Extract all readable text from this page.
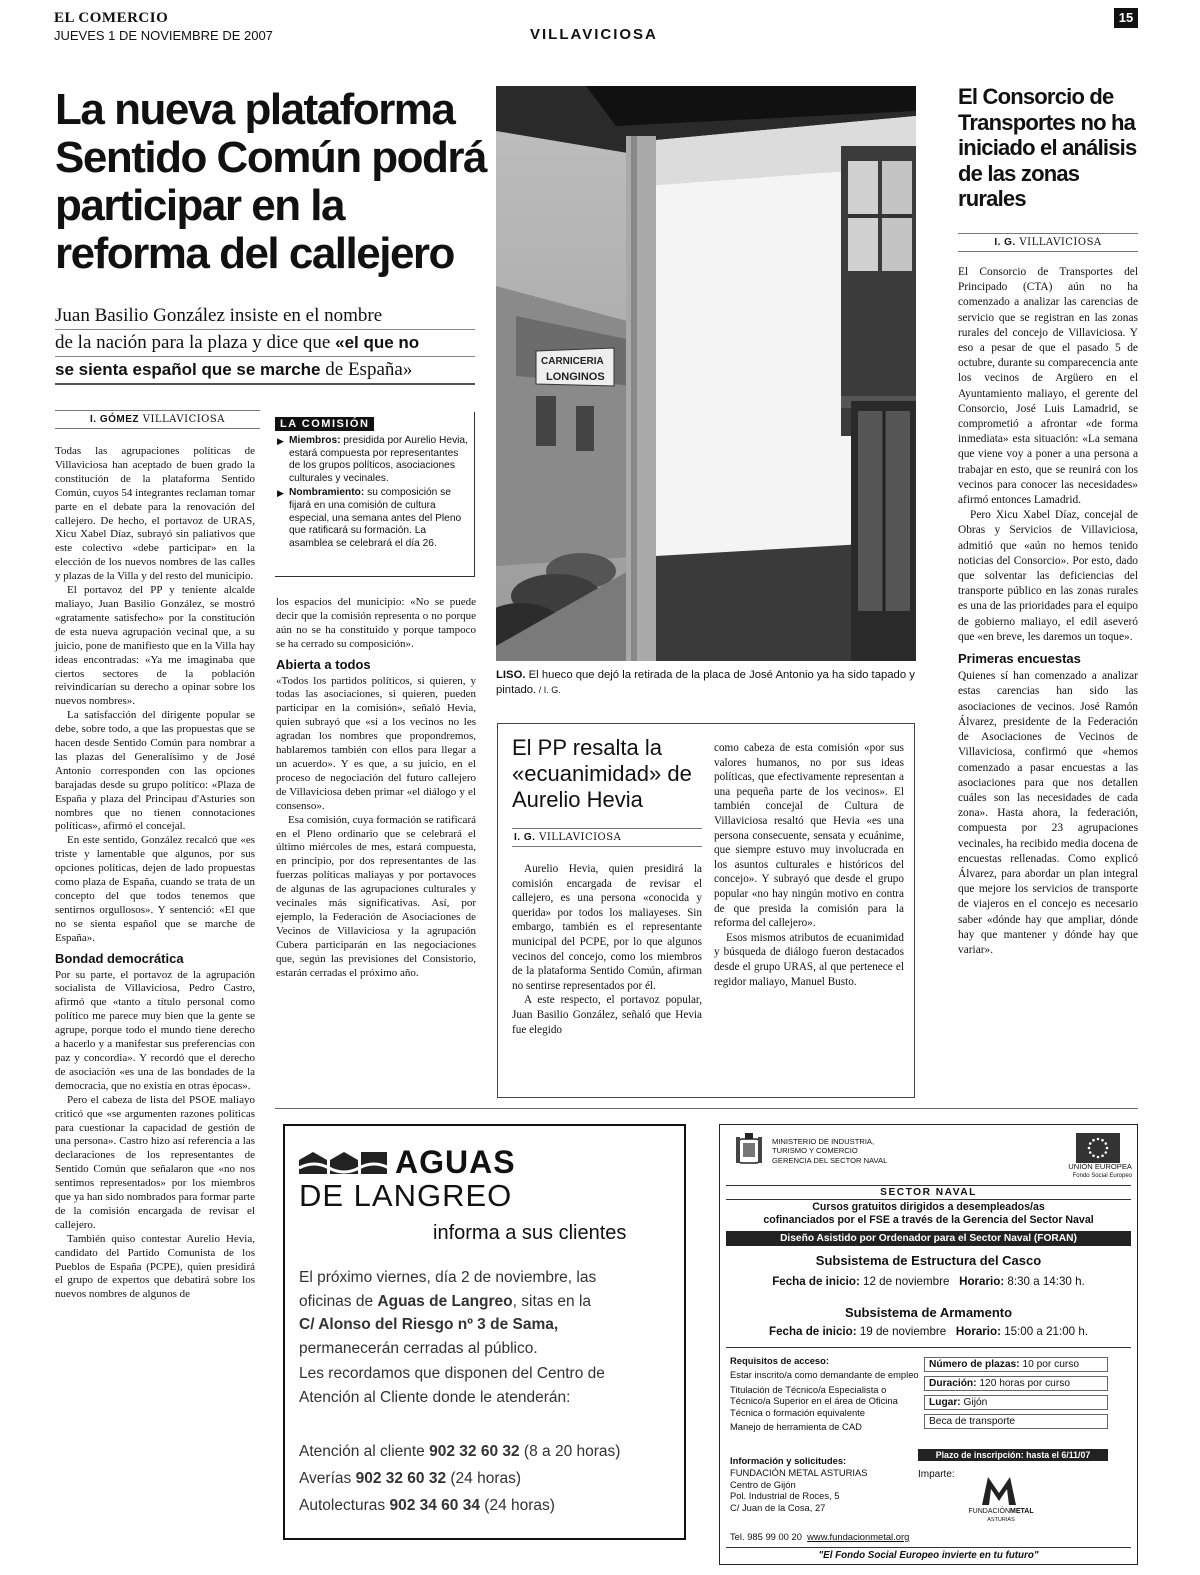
EL COMERCIO
JUEVES 1 DE NOVIEMBRE DE 2007	VILLAVICIOSA
15
La nueva plataforma Sentido Común podrá participar en la reforma del callejero
Juan Basilio González insiste en el nombre
de la nación para la plaza y dice que «el que no
se sienta español que se marche de España»
I. GÓMEZ VILLAVICIOSA

Todas las agrupaciones políticas de Villaviciosa han aceptado de buen grado la constitución de la plataforma Sentido Común, cuyos 54 integrantes reclaman tomar parte en el debate para la renovación del callejero. De hecho, el portavoz de URAS, Xicu Xabel Díaz, subrayó sin paliativos que este colectivo «debe participar» en la elección de los nuevos nombres de las calles y plazas de la Villa y del resto del municipio.

El portavoz del PP y teniente alcalde maliayo, Juan Basilio González, se mostró «gratamente satisfecho» por la constitución de esta nueva agrupación vecinal que, a su juicio, pone de manifiesto que en la Villa hay ideas encontradas: «Ya me imaginaba que ciertos sectores de la población reivindicarían su derecho a opinar sobre los nuevos nombres».

La satisfacción del dirigente popular se debe, sobre todo, a que las propuestas que se hacen desde Sentido Común para nombrar a las plazas del Generalísimo y de José Antonio corresponden con las opciones barajadas desde su grupo político: «Plaza de España y plaza del Principau d'Asturies son nombres que no tienen connotaciones políticas», afirmó el concejal.

En este sentido, González recalcó que «es triste y lamentable que algunos, por sus opciones políticas, dejen de lado propuestas como plaza de España, cuando se trata de un concepto del que todos tenemos que sentirnos orgullosos». Y sentenció: «El que no se sienta español que se marche de España».

Bondad democrática

Por su parte, el portavoz de la agrupación socialista de Villaviciosa, Pedro Castro, afirmó que «tanto a título personal como político me parece muy bien que la gente se agrupe, porque todo el mundo tiene derecho a hacerlo y a manifestar sus preferencias con paz y concordia». Y recordó que el derecho de asociación «es una de las bondades de la democracia, que no existía en otras épocas».

Pero el cabeza de lista del PSOE maliayo criticó que «se argumenten razones políticas para cuestionar la capacidad de gestión de una persona». Castro hizo así referencia a las declaraciones de los representantes de Sentido Común que señalaron que «no nos sentimos representados» por los miembros que ya han sido nombrados para formar parte de la comisión encargada de revisar el callejero.

También quiso contestar Aurelio Hevia, candidato del Partido Comunista de los Pueblos de España (PCPE), quien presidirá el grupo de expertos que debatirá sobre los nuevos nombres de algunos de

LA COMISIÓN
▶ Miembros: presidida por Aurelio Hevia, estará compuesta por representantes de los grupos políticos, asociaciones culturales y vecinales.
▶ Nombramiento: su composición se fijará en una comisión de cultura especial, una semana antes del Pleno que ratificará su formación. La asamblea se celebrará el día 26.

los espacios del municipio: «No se puede decir que la comisión representa o no porque aún no se ha constituido y porque tampoco se ha cerrado su composición».

Abierta a todos

«Todos los partidos políticos, si quieren, y todas las asociaciones, si quieren, pueden participar en la comisión», señaló Hevia, quien subrayó que «si a los vecinos no les agradan los nombres que propondremos, hablaremos también con ellos para llegar a un acuerdo». Y es que, a su juicio, en el proceso de negociación del futuro callejero de Villaviciosa deben primar «el diálogo y el consenso».

Esa comisión, cuya formación se ratificará en el Pleno ordinario que se celebrará el último miércoles de mes, estará compuesta, en principio, por dos representantes de las fuerzas políticas maliayas y por portavoces de algunas de las agrupaciones culturales y vecinales más significativas. Así, por ejemplo, la Federación de Asociaciones de Vecinos de Villaviciosa y la agrupación Cubera participarán en las negociaciones que, según las previsiones del Consistorio, estarán cerradas el próximo año.

CARNICERIA
LONGINOS
LISO. El hueco que dejó la retirada de la placa de José Antonio ya ha sido tapado y pintado. / I. G.
El Consorcio de Transportes no ha iniciado el análisis de las zonas rurales
I. G. VILLAVICIOSA

El Consorcio de Transportes del Principado (CTA) aún no ha comenzado a analizar las carencias de servicio que se registran en las zonas rurales del concejo de Villaviciosa. Y eso a pesar de que el pasado 5 de octubre, durante su comparecencia ante los vecinos de Argüero en el Ayuntamiento maliayo, el gerente del Consorcio, José Luis Lamadrid, se comprometió a afrontar «de forma inmediata» esta situación: «La semana que viene voy a poner a una persona a trabajar en esto, que se reunirá con los vecinos para conocer las necesidades» afirmó entonces Lamadrid.

Pero Xicu Xabel Díaz, concejal de Obras y Servicios de Villaviciosa, admitió que «aún no hemos tenido noticias del Consorcio». Por esto, dado que solventar las deficiencias del transporte público en las zonas rurales es una de las prioridades para el equipo de gobierno maliayo, el edil aseveró que «en breve, les daremos un toque».

Primeras encuestas

Quienes sí han comenzado a analizar estas carencias han sido las asociaciones de vecinos. José Ramón Álvarez, presidente de la Federación de Asociaciones de Vecinos de Villaviciosa, confirmó que «hemos comenzado a pasar encuestas a las asociaciones para que nos detallen cuáles son las necesidades de cada zona». Hasta ahora, la federación, compuesta por 23 agrupaciones vecinales, ha recibido media docena de encuestas rellenadas. Como explicó Álvarez, para abordar un plan integral que mejore los servicios de transporte de viajeros en el concejo es necesario saber «dónde hay que ampliar, dónde hay que mantener y dónde hay que variar».

El PP resalta la «ecuanimidad» de Aurelio Hevia
I. G. VILLAVICIOSA

Aurelio Hevia, quien presidirá la comisión encargada de revisar el callejero, es una persona «conocida y querida» por todos los maliayeses. Sin embargo, también es el representante municipal del PCPE, por lo que algunos vecinos del concejo, como los miembros de la plataforma Sentido Común, afirman no sentirse representados por él.

A este respecto, el portavoz popular, Juan Basilio González, señaló que Hevia fue elegido

como cabeza de esta comisión «por sus valores humanos, no por sus ideas políticas, que efectivamente representan a una pequeña parte de los vecinos». El también concejal de Cultura de Villaviciosa resaltó que Hevia «es una persona consecuente, sensata y ecuánime, que siempre estuvo muy involucrada en los asuntos culturales e históricos del concejo». Y subrayó que desde el grupo popular «no hay ningún motivo en contra de que presida la comisión para la reforma del callejero».

Esos mismos atributos de ecuanimidad y búsqueda de diálogo fueron destacados desde el grupo URAS, al que pertenece el regidor maliayo, Manuel Busto.

AGUAS
DE LANGREO
informa a sus clientes
El próximo viernes, día 2 de noviembre, las
oficinas de Aguas de Langreo, sitas en la
C/ Alonso del Riesgo nº 3 de Sama,
permanecerán cerradas al público.
Les recordamos que disponen del Centro de
Atención al Cliente donde le atenderán:
Atención al cliente 902 32 60 32 (8 a 20 horas)
Averías 902 32 60 32 (24 horas)
Autolecturas 902 34 60 34 (24 horas)
MINISTERIO DE INDUSTRIA,
TURISMO Y COMERCIO
GERENCIA DEL SECTOR NAVAL
UNIÓN EUROPEA
Fondo Social Europeo
SECTOR NAVAL
Cursos gratuitos dirigidos a desempleados/as
cofinanciados por el FSE a través de la Gerencia del Sector Naval
Diseño Asistido por Ordenador para el Sector Naval (FORAN)
Subsistema de Estructura del Casco
Fecha de inicio: 12 de noviembre Horario: 8:30 a 14:30 h.
Subsistema de Armamento
Fecha de inicio: 19 de noviembre Horario: 15:00 a 21:00 h.
Requisitos de acceso:
Estar inscrito/a como demandante de empleo
Titulación de Técnico/a Especialista o Técnico/a Superior en el área de Oficina Técnica o formación equivalente
Manejo de herramienta de CAD
Número de plazas: 10 por curso
Duración: 120 horas por curso
Lugar: Gijón
Beca de transporte
Plazo de inscripción: hasta el 6/11/07
Información y solicitudes:
FUNDACIÓN METAL ASTURIAS
Centro de Gijón
Pol. Industrial de Roces, 5
C/ Juan de la Cosa, 27
Tel. 985 99 00 20 www.fundacionmetal.org
Imparte:
FUNDACIÓNMETAL
ASTURIAS
"El Fondo Social Europeo invierte en tu futuro"
